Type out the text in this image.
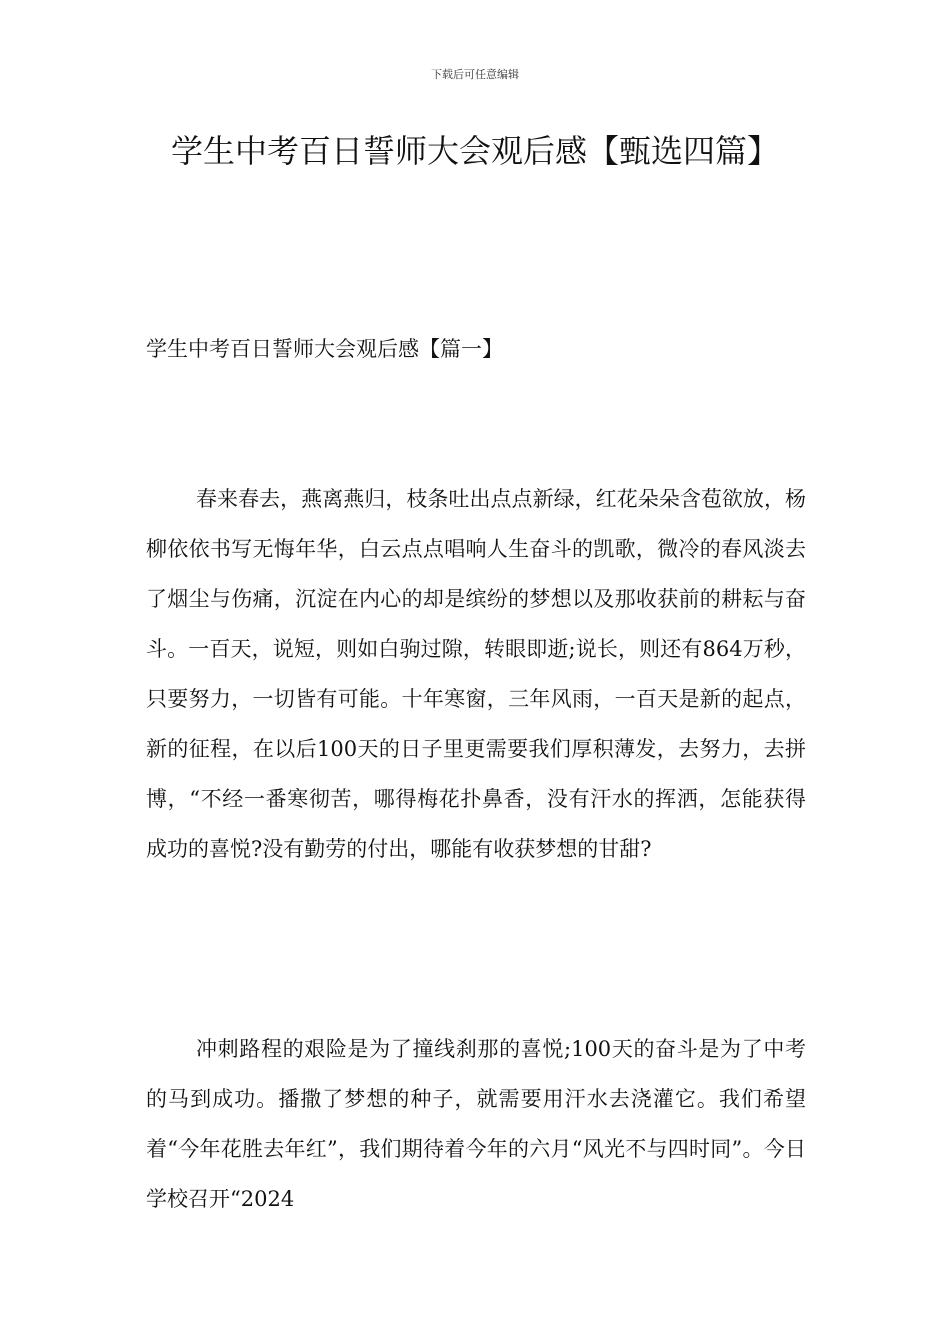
下载后可任意编辑
学生中考百日誓师大会观后感【甄选四篇】
学生中考百日誓师大会观后感【篇一】

春来春去，燕离燕归，枝条吐出点点新绿，红花朵朵含苞欲放，杨柳依依书写无悔年华，白云点点唱响人生奋斗的凯歌，微冷的春风淡去了烟尘与伤痛，沉淀在内心的却是缤纷的梦想以及那收获前的耕耘与奋斗。一百天，说短，则如白驹过隙，转眼即逝;说长，则还有864万秒，只要努力，一切皆有可能。十年寒窗，三年风雨，一百天是新的起点，新的征程，在以后100天的日子里更需要我们厚积薄发，去努力，去拼博，“不经一番寒彻苦，哪得梅花扑鼻香，没有汗水的挥洒，怎能获得成功的喜悦?没有勤劳的付出，哪能有收获梦想的甘甜?

冲刺路程的艰险是为了撞线刹那的喜悦;100天的奋斗是为了中考的马到成功。播撒了梦想的种子，就需要用汗水去浇灌它。我们希望着“今年花胜去年红”，我们期待着今年的六月“风光不与四时同”。今日学校召开“2024
